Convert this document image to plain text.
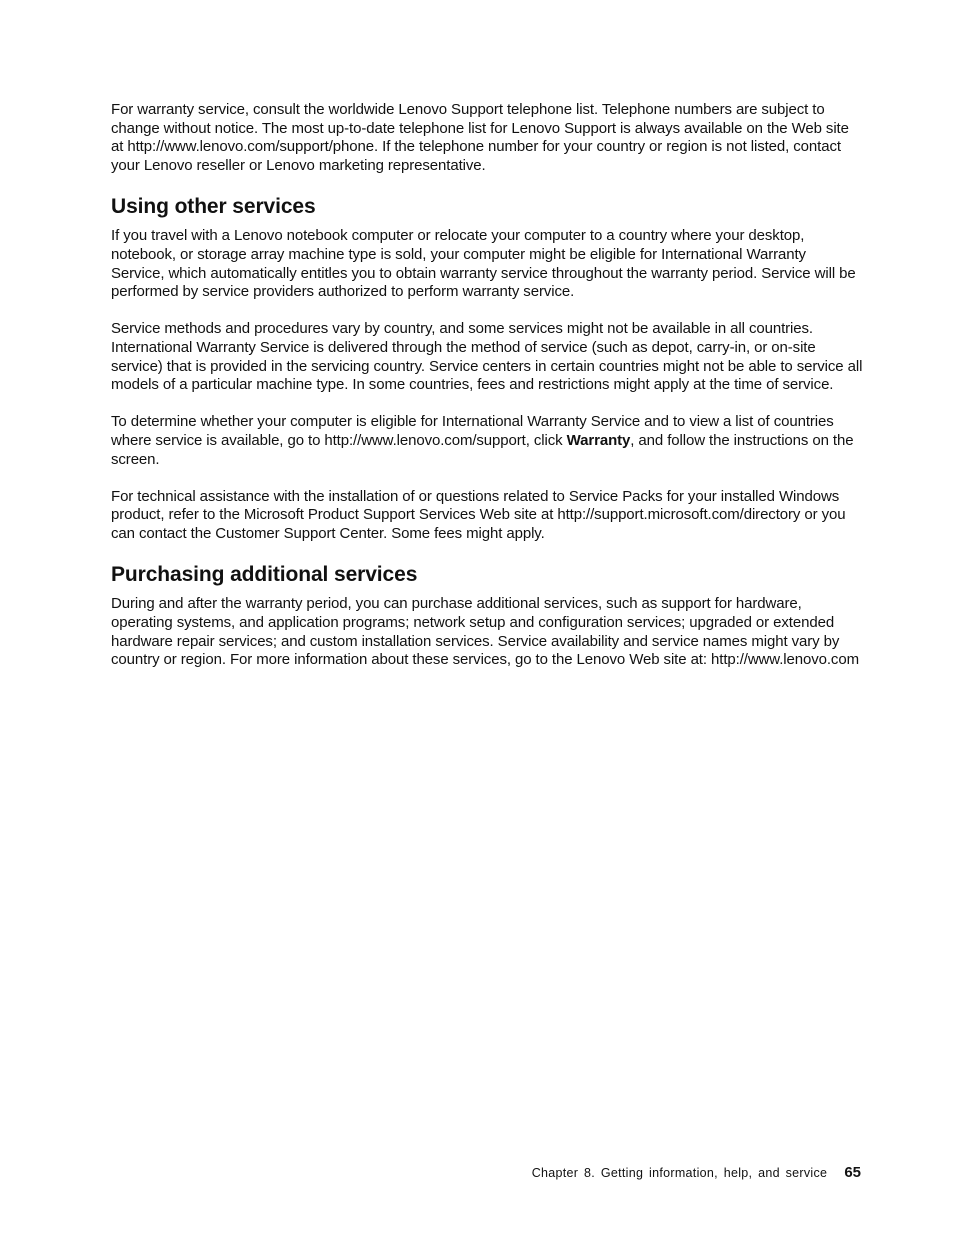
For warranty service, consult the worldwide Lenovo Support telephone list. Telephone numbers are subject to change without notice. The most up-to-date telephone list for Lenovo Support is always available on the Web site at http://www.lenovo.com/support/phone. If the telephone number for your country or region is not listed, contact your Lenovo reseller or Lenovo marketing representative.

Using other services

If you travel with a Lenovo notebook computer or relocate your computer to a country where your desktop, notebook, or storage array machine type is sold, your computer might be eligible for International Warranty Service, which automatically entitles you to obtain warranty service throughout the warranty period. Service will be performed by service providers authorized to perform warranty service.

Service methods and procedures vary by country, and some services might not be available in all countries. International Warranty Service is delivered through the method of service (such as depot, carry-in, or on-site service) that is provided in the servicing country. Service centers in certain countries might not be able to service all models of a particular machine type. In some countries, fees and restrictions might apply at the time of service.

To determine whether your computer is eligible for International Warranty Service and to view a list of countries where service is available, go to http://www.lenovo.com/support, click Warranty, and follow the instructions on the screen.

For technical assistance with the installation of or questions related to Service Packs for your installed Windows product, refer to the Microsoft Product Support Services Web site at http://support.microsoft.com/directory or you can contact the Customer Support Center. Some fees might apply.

Purchasing additional services

During and after the warranty period, you can purchase additional services, such as support for hardware, operating systems, and application programs; network setup and configuration services; upgraded or extended hardware repair services; and custom installation services. Service availability and service names might vary by country or region. For more information about these services, go to the Lenovo Web site at: http://www.lenovo.com

Chapter 8. Getting information, help, and service 65
